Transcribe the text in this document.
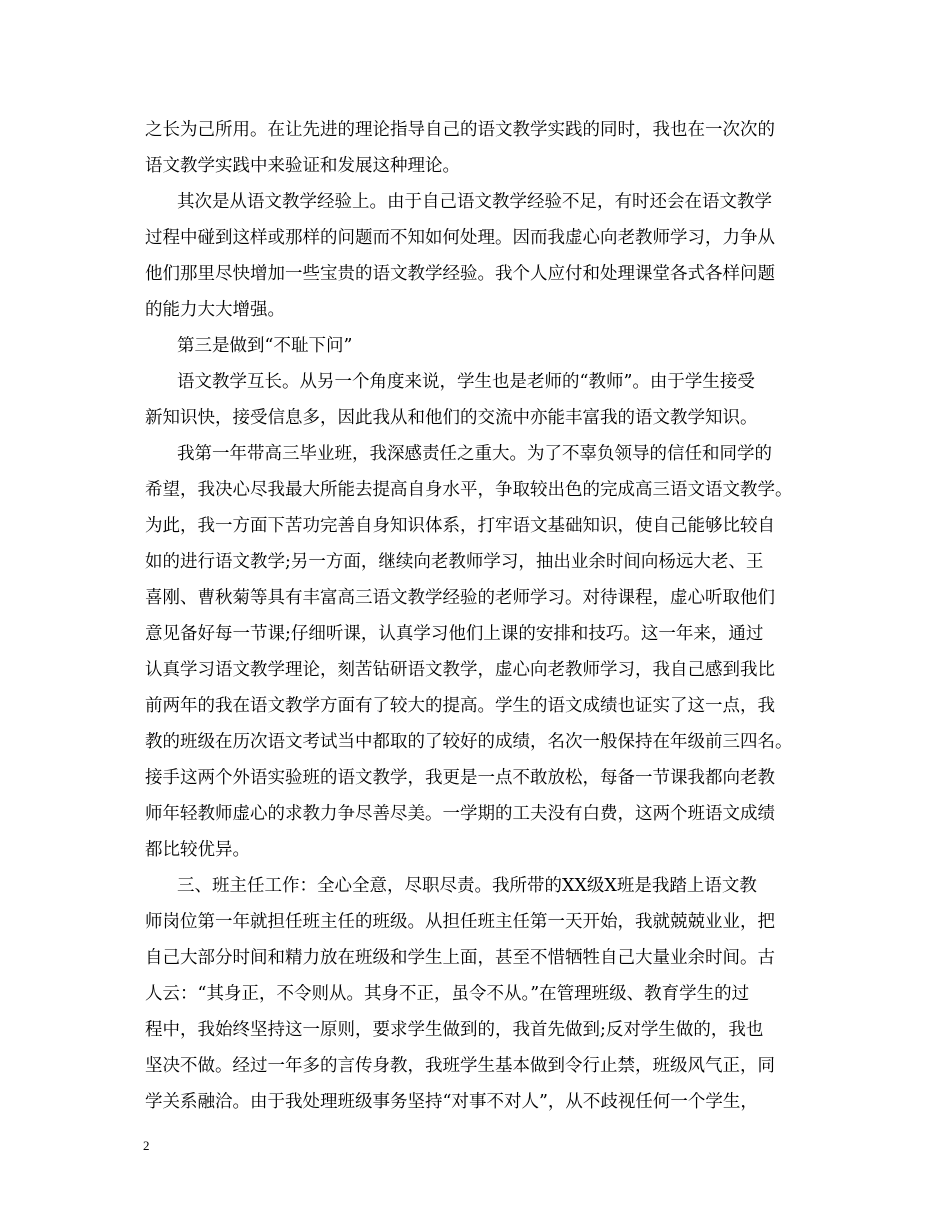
之长为己所用。在让先进的理论指导自己的语文教学实践的同时，我也在一次次的
语文教学实践中来验证和发展这种理论。
其次是从语文教学经验上。由于自己语文教学经验不足，有时还会在语文教学
过程中碰到这样或那样的问题而不知如何处理。因而我虚心向老教师学习，力争从
他们那里尽快增加一些宝贵的语文教学经验。我个人应付和处理课堂各式各样问题
的能力大大增强。
第三是做到“不耻下问”
语文教学互长。从另一个角度来说，学生也是老师的“教师”。由于学生接受
新知识快，接受信息多，因此我从和他们的交流中亦能丰富我的语文教学知识。
我第一年带高三毕业班，我深感责任之重大。为了不辜负领导的信任和同学的
希望，我决心尽我最大所能去提高自身水平，争取较出色的完成高三语文语文教学。
为此，我一方面下苦功完善自身知识体系，打牢语文基础知识，使自己能够比较自
如的进行语文教学;另一方面，继续向老教师学习，抽出业余时间向杨远大老、王
喜刚、曹秋菊等具有丰富高三语文教学经验的老师学习。对待课程，虚心听取他们
意见备好每一节课;仔细听课，认真学习他们上课的安排和技巧。这一年来，通过
认真学习语文教学理论，刻苦钻研语文教学，虚心向老教师学习，我自己感到我比
前两年的我在语文教学方面有了较大的提高。学生的语文成绩也证实了这一点，我
教的班级在历次语文考试当中都取的了较好的成绩，名次一般保持在年级前三四名。
接手这两个外语实验班的语文教学，我更是一点不敢放松，每备一节课我都向老教
师年轻教师虚心的求教力争尽善尽美。一学期的工夫没有白费，这两个班语文成绩
都比较优异。
三、班主任工作：全心全意，尽职尽责。我所带的XX级X班是我踏上语文教
师岗位第一年就担任班主任的班级。从担任班主任第一天开始，我就兢兢业业，把
自己大部分时间和精力放在班级和学生上面，甚至不惜牺牲自己大量业余时间。古
人云：“其身正，不令则从。其身不正，虽令不从。”在管理班级、教育学生的过
程中，我始终坚持这一原则，要求学生做到的，我首先做到;反对学生做的，我也
坚决不做。经过一年多的言传身教，我班学生基本做到令行止禁，班级风气正，同
学关系融洽。由于我处理班级事务坚持“对事不对人”，从不歧视任何一个学生，
2
